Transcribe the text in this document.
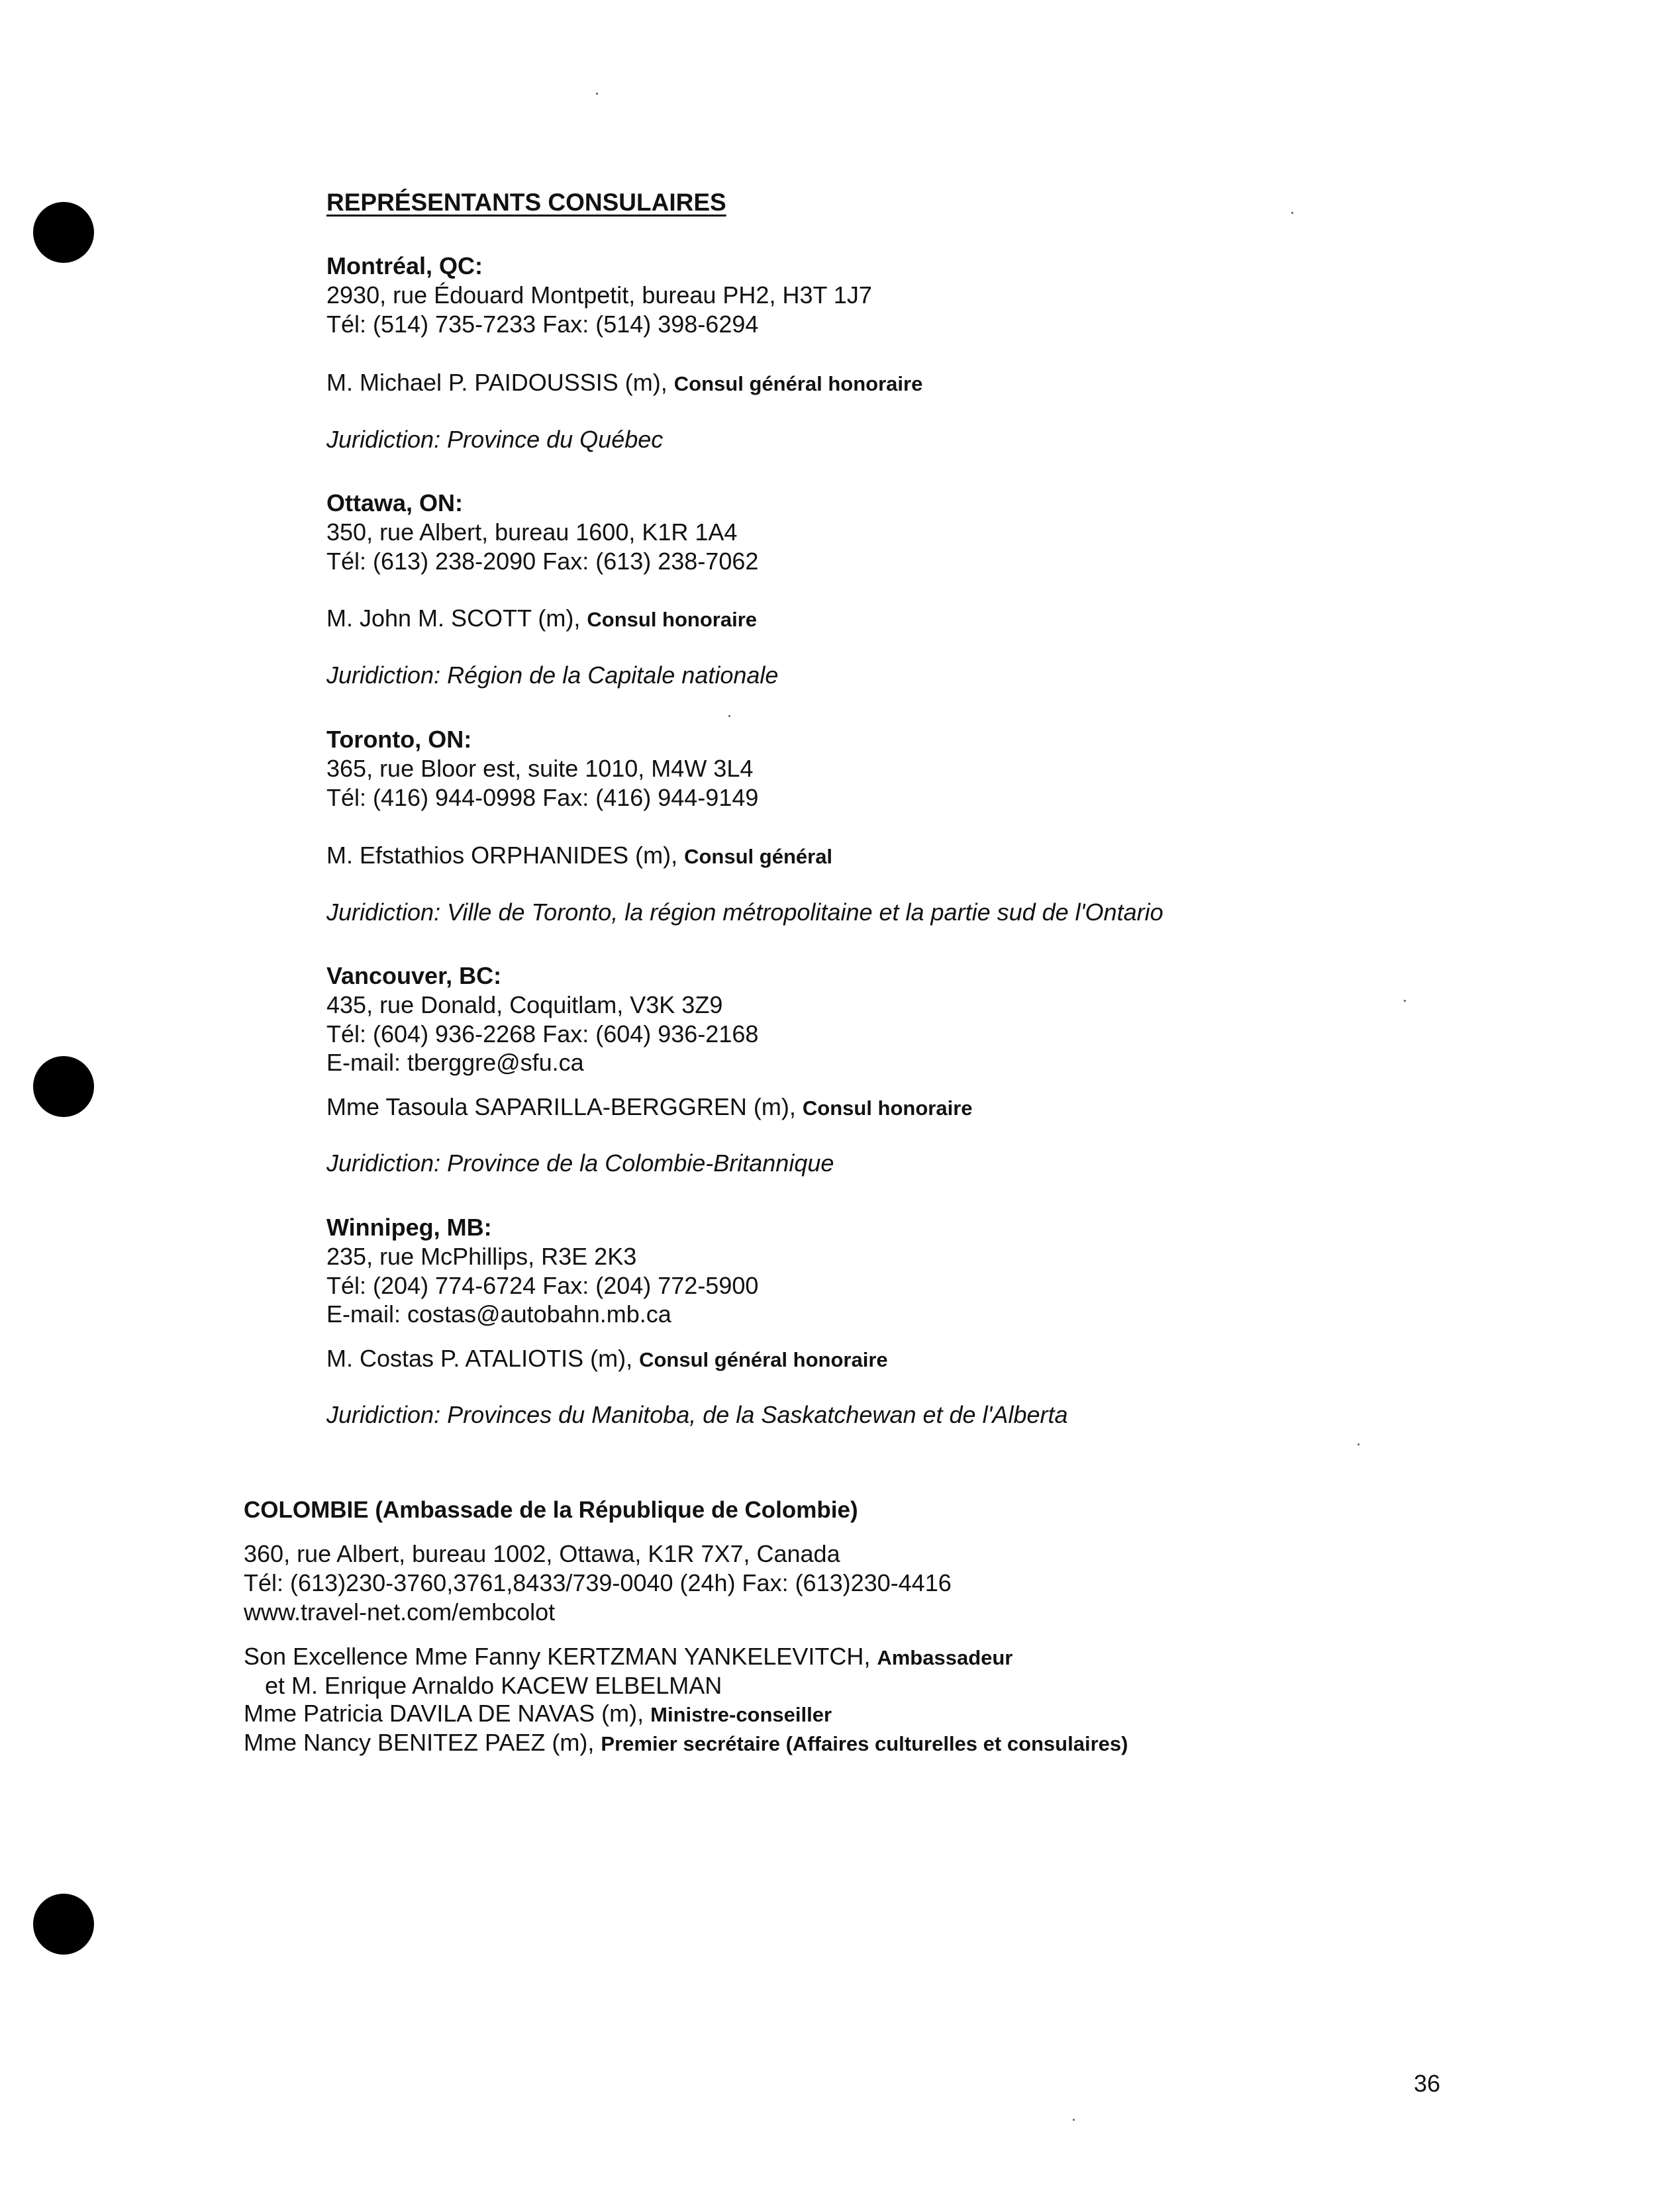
REPRÉSENTANTS CONSULAIRES
Montréal, QC:
2930, rue Édouard Montpetit, bureau PH2, H3T 1J7
Tél: (514) 735-7233 Fax: (514) 398-6294
M. Michael P. PAIDOUSSIS (m), Consul général honoraire
Juridiction: Province du Québec
Ottawa, ON:
350, rue Albert, bureau 1600, K1R 1A4
Tél: (613) 238-2090 Fax: (613) 238-7062
M. John M. SCOTT (m), Consul honoraire
Juridiction: Région de la Capitale nationale
Toronto, ON:
365, rue Bloor est, suite 1010, M4W 3L4
Tél: (416) 944-0998 Fax: (416) 944-9149
M. Efstathios ORPHANIDES (m), Consul général
Juridiction: Ville de Toronto, la région métropolitaine et la partie sud de l'Ontario
Vancouver, BC:
435, rue Donald, Coquitlam, V3K 3Z9
Tél: (604) 936-2268 Fax: (604) 936-2168
E-mail: tberggre@sfu.ca
Mme Tasoula SAPARILLA-BERGGREN (m), Consul honoraire
Juridiction: Province de la Colombie-Britannique
Winnipeg, MB:
235, rue McPhillips, R3E 2K3
Tél: (204) 774-6724 Fax: (204) 772-5900
E-mail: costas@autobahn.mb.ca
M. Costas P. ATALIOTIS (m), Consul général honoraire
Juridiction: Provinces du Manitoba, de la Saskatchewan et de l'Alberta
COLOMBIE (Ambassade de la République de Colombie)
360, rue Albert, bureau 1002, Ottawa, K1R 7X7, Canada
Tél: (613)230-3760,3761,8433/739-0040 (24h) Fax: (613)230-4416
www.travel-net.com/embcolot
Son Excellence Mme Fanny KERTZMAN YANKELEVITCH, Ambassadeur
et M. Enrique Arnaldo KACEW ELBELMAN
Mme Patricia DAVILA DE NAVAS (m), Ministre-conseiller
Mme Nancy BENITEZ PAEZ (m), Premier secrétaire (Affaires culturelles et consulaires)
36
